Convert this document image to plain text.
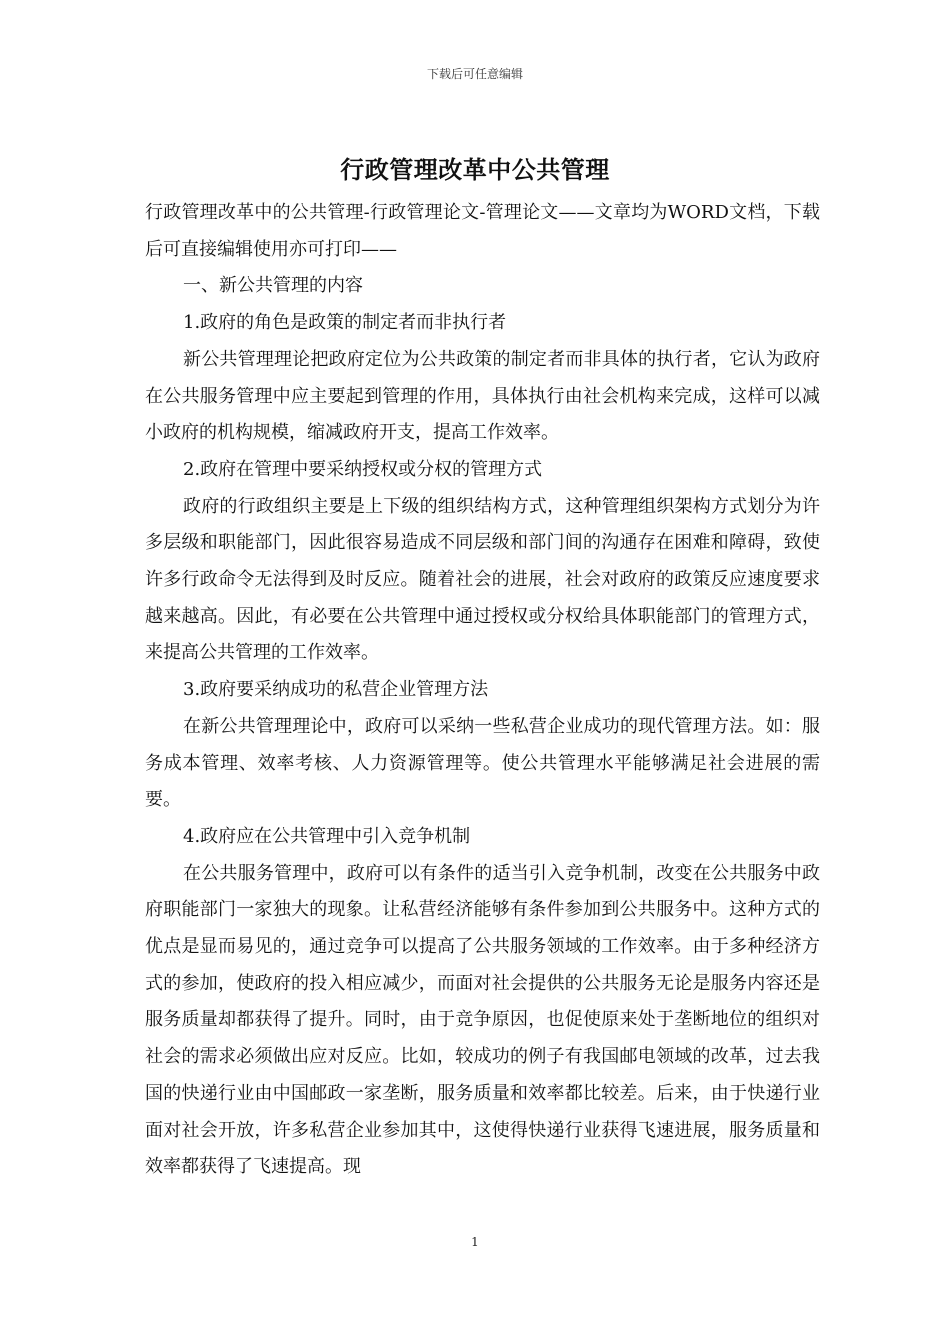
下载后可任意编辑
行政管理改革中公共管理

行政管理改革中的公共管理-行政管理论文-管理论文——文章均为WORD文档，下载后可直接编辑使用亦可打印——

一、新公共管理的内容

1.政府的角色是政策的制定者而非执行者

新公共管理理论把政府定位为公共政策的制定者而非具体的执行者，它认为政府在公共服务管理中应主要起到管理的作用，具体执行由社会机构来完成，这样可以减小政府的机构规模，缩减政府开支，提高工作效率。

2.政府在管理中要采纳授权或分权的管理方式

政府的行政组织主要是上下级的组织结构方式，这种管理组织架构方式划分为许多层级和职能部门，因此很容易造成不同层级和部门间的沟通存在困难和障碍，致使许多行政命令无法得到及时反应。随着社会的进展，社会对政府的政策反应速度要求越来越高。因此，有必要在公共管理中通过授权或分权给具体职能部门的管理方式，来提高公共管理的工作效率。

3.政府要采纳成功的私营企业管理方法

在新公共管理理论中，政府可以采纳一些私营企业成功的现代管理方法。如：服务成本管理、效率考核、人力资源管理等。使公共管理水平能够满足社会进展的需要。

4.政府应在公共管理中引入竞争机制

在公共服务管理中，政府可以有条件的适当引入竞争机制，改变在公共服务中政府职能部门一家独大的现象。让私营经济能够有条件参加到公共服务中。这种方式的优点是显而易见的，通过竞争可以提高了公共服务领域的工作效率。由于多种经济方式的参加，使政府的投入相应减少，而面对社会提供的公共服务无论是服务内容还是服务质量却都获得了提升。同时，由于竞争原因，也促使原来处于垄断地位的组织对社会的需求必须做出应对反应。比如，较成功的例子有我国邮电领域的改革，过去我国的快递行业由中国邮政一家垄断，服务质量和效率都比较差。后来，由于快递行业面对社会开放，许多私营企业参加其中，这使得快递行业获得飞速进展，服务质量和效率都获得了飞速提高。现

1
